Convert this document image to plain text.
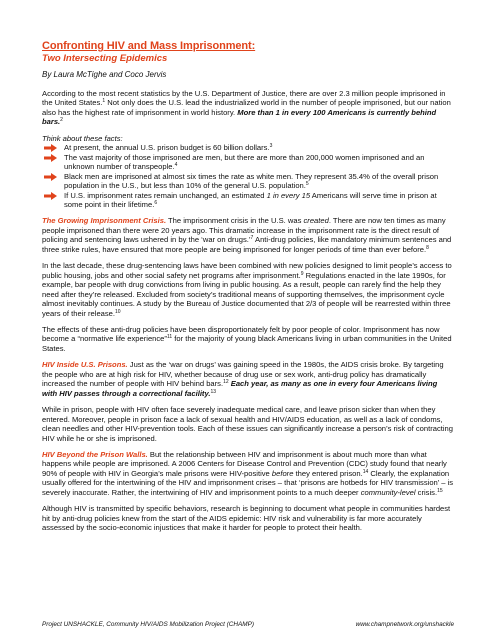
Confronting HIV and Mass Imprisonment:
Two Intersecting Epidemics
By Laura McTighe and Coco Jervis

According to the most recent statistics by the U.S. Department of Justice, there are over 2.3 million people imprisoned in the United States.$^1$ Not only does the U.S. lead the industrialized world in the number of people imprisoned, but our nation also has the highest rate of imprisonment in world history. More than 1 in every 100 Americans is currently behind bars.$^2$

Think about these facts:

At present, the annual U.S. prison budget is 60 billion dollars.$^3$
The vast majority of those imprisoned are men, but there are more than 200,000 women imprisoned and an unknown number of transpeople.$^4$
Black men are imprisoned at almost six times the rate as white men. They represent 35.4% of the overall prison population in the U.S., but less than 10% of the general U.S. population.$^5$
If U.S. imprisonment rates remain unchanged, an estimated 1 in every 15 Americans will serve time in prison at some point in their lifetime.$^6$

The Growing Imprisonment Crisis. The imprisonment crisis in the U.S. was created. There are now ten times as many people imprisoned than there were 20 years ago. This dramatic increase in the imprisonment rate is the direct result of policing and sentencing laws ushered in by the ‘war on drugs.’$^7$ Anti-drug policies, like mandatory minimum sentences and three strike rules, have ensured that more people are being imprisoned for longer periods of time than ever before.$^8$

In the last decade, these drug-sentencing laws have been combined with new policies designed to limit people’s access to public housing, jobs and other social safety net programs after imprisonment.$^9$ Regulations enacted in the late 1990s, for example, bar people with drug convictions from living in public housing. As a result, people can rarely find the help they need after they’re released. Excluded from society’s traditional means of supporting themselves, the imprisonment cycle almost inevitably continues. A study by the Bureau of Justice documented that 2/3 of people will be rearrested within three years of their release.$^{10}$

The effects of these anti-drug policies have been disproportionately felt by poor people of color. Imprisonment has now become a “normative life experience”$^{11}$ for the majority of young black Americans living in urban communities in the United States.

HIV Inside U.S. Prisons. Just as the ‘war on drugs’ was gaining speed in the 1980s, the AIDS crisis broke. By targeting the people who are at high risk for HIV, whether because of drug use or sex work, anti-drug policy has dramatically increased the number of people with HIV behind bars.$^{12}$ Each year, as many as one in every four Americans living with HIV passes through a correctional facility.$^{13}$

While in prison, people with HIV often face severely inadequate medical care, and leave prison sicker than when they entered. Moreover, people in prison face a lack of sexual health and HIV/AIDS education, as well as a lack of condoms, clean needles and other HIV-prevention tools. Each of these issues can significantly increase a person’s risk of contracting HIV while he or she is imprisoned.

HIV Beyond the Prison Walls. But the relationship between HIV and imprisonment is about much more than what happens while people are imprisoned. A 2006 Centers for Disease Control and Prevention (CDC) study found that nearly 90% of people with HIV in Georgia’s male prisons were HIV-positive before they entered prison.$^{14}$ Clearly, the explanation usually offered for the intertwining of the HIV and imprisonment crises – that ‘prisons are hotbeds for HIV transmission’ – is severely inaccurate. Rather, the intertwining of HIV and imprisonment points to a much deeper community-level crisis.$^{15}$

Although HIV is transmitted by specific behaviors, research is beginning to document what people in communities hardest hit by anti-drug policies knew from the start of the AIDS epidemic: HIV risk and vulnerability is far more accurately assessed by the socio-economic injustices that make it harder for people to protect their health.

Project UNSHACKLE, Community HIV/AIDS Mobilization Project (CHAMP)	www.champnetwork.org/unshackle
